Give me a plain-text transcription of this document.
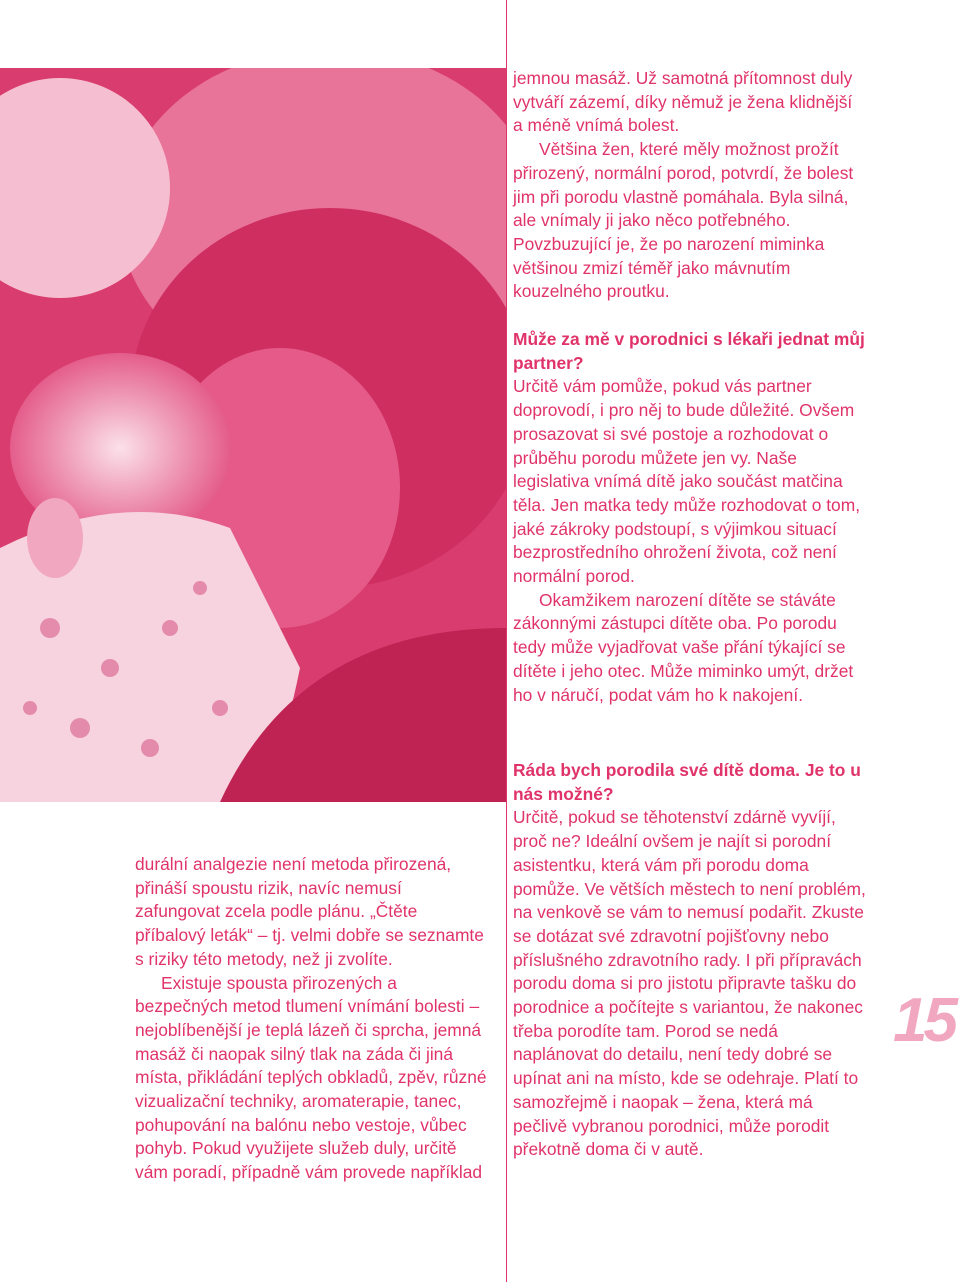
durální analgezie není metoda přirozená, přináší spoustu rizik, navíc nemusí zafungovat zcela podle plánu. „Čtěte příbalový leták“ – tj. velmi dobře se seznamte s riziky této metody, než ji zvolíte.

Existuje spousta přirozených a bezpečných metod tlumení vnímání bolesti – nejoblíbenější je teplá lázeň či sprcha, jemná masáž či naopak silný tlak na záda či jiná místa, přikládání teplých obkladů, zpěv, různé vizualizační techniky, aromaterapie, tanec, pohupování na balónu nebo vestoje, vůbec pohyb. Pokud využijete služeb duly, určitě vám poradí, případně vám provede například

jemnou masáž. Už samotná přítomnost duly vytváří zázemí, díky němuž je žena klidnější a méně vnímá bolest.

Většina žen, které měly možnost prožít přirozený, normální porod, potvrdí, že bolest jim při porodu vlastně pomáhala. Byla silná, ale vnímaly ji jako něco potřebného. Povzbuzující je, že po narození miminka většinou zmizí téměř jako mávnutím kouzelného proutku.

Může za mě v porodnici s lékaři jednat můj partner?

Určitě vám pomůže, pokud vás partner doprovodí, i pro něj to bude důležité. Ovšem prosazovat si své postoje a rozhodovat o průběhu porodu můžete jen vy. Naše legislativa vnímá dítě jako součást matčina těla. Jen matka tedy může rozhodovat o tom, jaké zákroky podstoupí, s výjimkou situací bezprostředního ohrožení života, což není normální porod.

Okamžikem narození dítěte se stáváte zákonnými zástupci dítěte oba. Po porodu tedy může vyjadřovat vaše přání týkající se dítěte i jeho otec. Může miminko umýt, držet ho v náručí, podat vám ho k nakojení.

Ráda bych porodila své dítě doma. Je to u nás možné?

Určitě, pokud se těhotenství zdárně vyvíjí, proč ne? Ideální ovšem je najít si porodní asistentku, která vám při porodu doma pomůže. Ve větších městech to není problém, na venkově se vám to nemusí podařit. Zkuste se dotázat své zdravotní pojišťovny nebo příslušného zdravotního rady. I při přípravách porodu doma si pro jistotu připravte tašku do porodnice a počítejte s variantou, že nakonec třeba porodíte tam. Porod se nedá naplánovat do detailu, není tedy dobré se upínat ani na místo, kde se odehraje. Platí to samozřejmě i naopak – žena, která má pečlivě vybranou porodnici, může porodit překotně doma či v autě.

15
